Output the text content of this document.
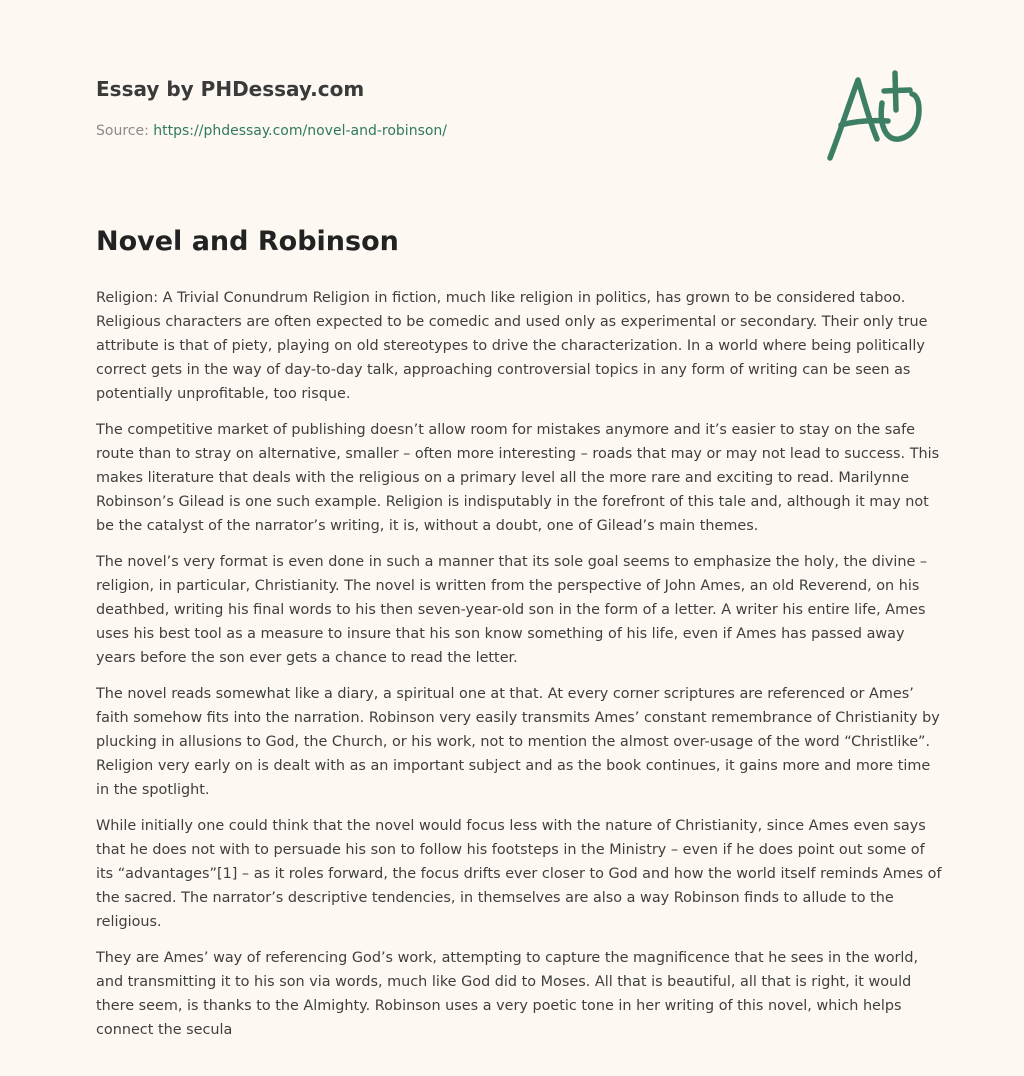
Essay by PHDessay.com
Source: https://phdessay.com/novel-and-robinson/
Novel and Robinson

Religion: A Trivial Conundrum Religion in fiction, much like religion in politics, has grown to be considered taboo. Religious characters are often expected to be comedic and used only as experimental or secondary. Their only true attribute is that of piety, playing on old stereotypes to drive the characterization. In a world where being politically correct gets in the way of day-to-day talk, approaching controversial topics in any form of writing can be seen as potentially unprofitable, too risque.

The competitive market of publishing doesn’t allow room for mistakes anymore and it’s easier to stay on the safe route than to stray on alternative, smaller – often more interesting – roads that may or may not lead to success. This makes literature that deals with the religious on a primary level all the more rare and exciting to read. Marilynne Robinson’s Gilead is one such example. Religion is indisputably in the forefront of this tale and, although it may not be the catalyst of the narrator’s writing, it is, without a doubt, one of Gilead’s main themes.

The novel’s very format is even done in such a manner that its sole goal seems to emphasize the holy, the divine – religion, in particular, Christianity. The novel is written from the perspective of John Ames, an old Reverend, on his deathbed, writing his final words to his then seven-year-old son in the form of a letter. A writer his entire life, Ames uses his best tool as a measure to insure that his son know something of his life, even if Ames has passed away years before the son ever gets a chance to read the letter.

The novel reads somewhat like a diary, a spiritual one at that. At every corner scriptures are referenced or Ames’ faith somehow fits into the narration. Robinson very easily transmits Ames’ constant remembrance of Christianity by plucking in allusions to God, the Church, or his work, not to mention the almost over-usage of the word “Christlike”. Religion very early on is dealt with as an important subject and as the book continues, it gains more and more time in the spotlight.

While initially one could think that the novel would focus less with the nature of Christianity, since Ames even says that he does not with to persuade his son to follow his footsteps in the Ministry – even if he does point out some of its “advantages”[1] – as it roles forward, the focus drifts ever closer to God and how the world itself reminds Ames of the sacred. The narrator’s descriptive tendencies, in themselves are also a way Robinson finds to allude to the religious.

They are Ames’ way of referencing God’s work, attempting to capture the magnificence that he sees in the world, and transmitting it to his son via words, much like God did to Moses. All that is beautiful, all that is right, it would there seem, is thanks to the Almighty. Robinson uses a very poetic tone in her writing of this novel, which helps connect the secula
